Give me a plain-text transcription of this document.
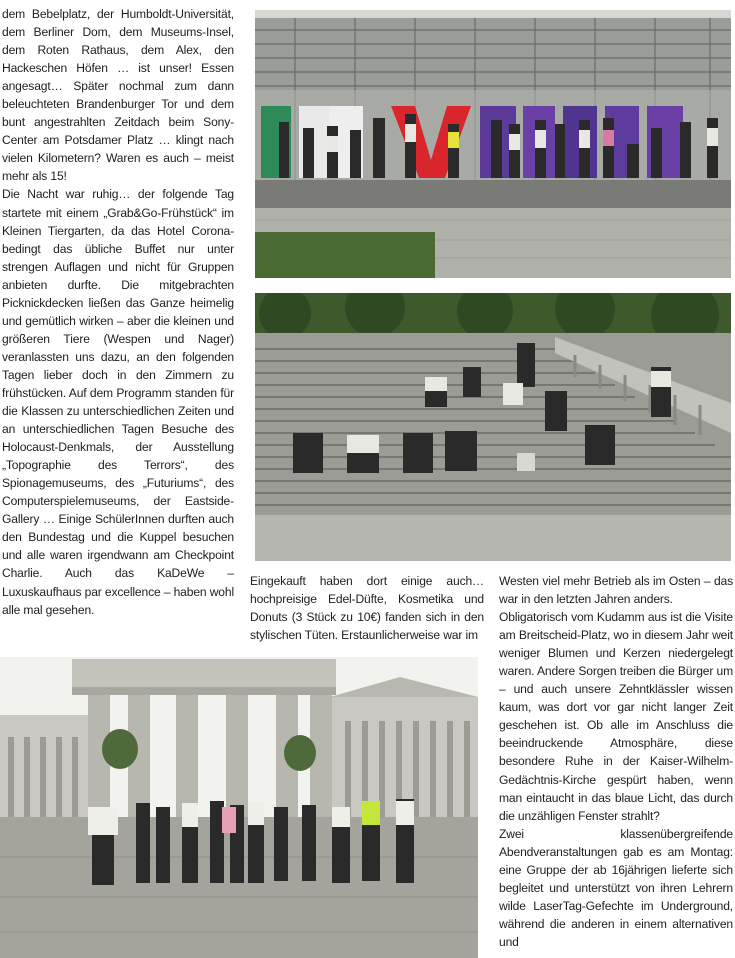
dem Bebelplatz, der Humboldt-Universität, dem Berliner Dom, dem Museums-Insel, dem Roten Rathaus, dem Alex, den Hackeschen Höfen … ist unser! Essen angesagt… Später nochmal zum dann beleuchteten Brandenburger Tor und dem bunt angestrahlten Zeitdach beim Sony-Center am Potsdamer Platz … klingt nach vielen Kilometern? Waren es auch – meist mehr als 15!

Die Nacht war ruhig… der folgende Tag startete mit einem „Grab&Go-Frühstück“ im Kleinen Tiergarten, da das Hotel Corona-bedingt das übliche Buffet nur unter strengen Auflagen und nicht für Gruppen anbieten durfte. Die mitgebrachten Picknickdecken ließen das Ganze heimelig und gemütlich wirken – aber die kleinen und größeren Tiere (Wespen und Nager) veranlassten uns dazu, an den folgenden Tagen lieber doch in den Zimmern zu frühstücken. Auf dem Programm standen für die Klassen zu unterschiedlichen Zeiten und an unterschiedlichen Tagen Besuche des Holocaust-Denkmals, der Ausstellung „Topographie des Terrors“, des Spionagemuseums, des „Futuriums“, des Computerspielemuseums, der Eastside-Gallery … Einige SchülerInnen durften auch den Bundestag und die Kuppel besuchen und alle waren irgendwann am Checkpoint Charlie. Auch das KaDeWe – Luxuskaufhaus par excellence – haben wohl alle mal gesehen.

Eingekauft haben dort einige auch… hochpreisige Edel-Düfte, Kosmetika und Donuts (3 Stück zu 10€) fanden sich in den stylischen Tüten. Erstaunlicherweise war im

Westen viel mehr Betrieb als im Osten – das war in den letzten Jahren anders.

Obligatorisch vom Kudamm aus ist die Visite am Breitscheid-Platz, wo in diesem Jahr weit weniger Blumen und Kerzen niedergelegt waren. Andere Sorgen treiben die Bürger um – und auch unsere Zehntklässler wissen kaum, was dort vor gar nicht langer Zeit geschehen ist. Ob alle im Anschluss die beeindruckende Atmosphäre, diese besondere Ruhe in der Kaiser-Wilhelm-Gedächtnis-Kirche gespürt haben, wenn man eintaucht in das blaue Licht, das durch die unzähligen Fenster strahlt?

Zwei klassenübergreifende Abendveranstaltungen gab es am Montag: eine Gruppe der ab 16jährigen lieferte sich begleitet und unterstützt von ihren Lehrern wilde LaserTag-Gefechte im Underground, während die anderen in einem alternativen und
